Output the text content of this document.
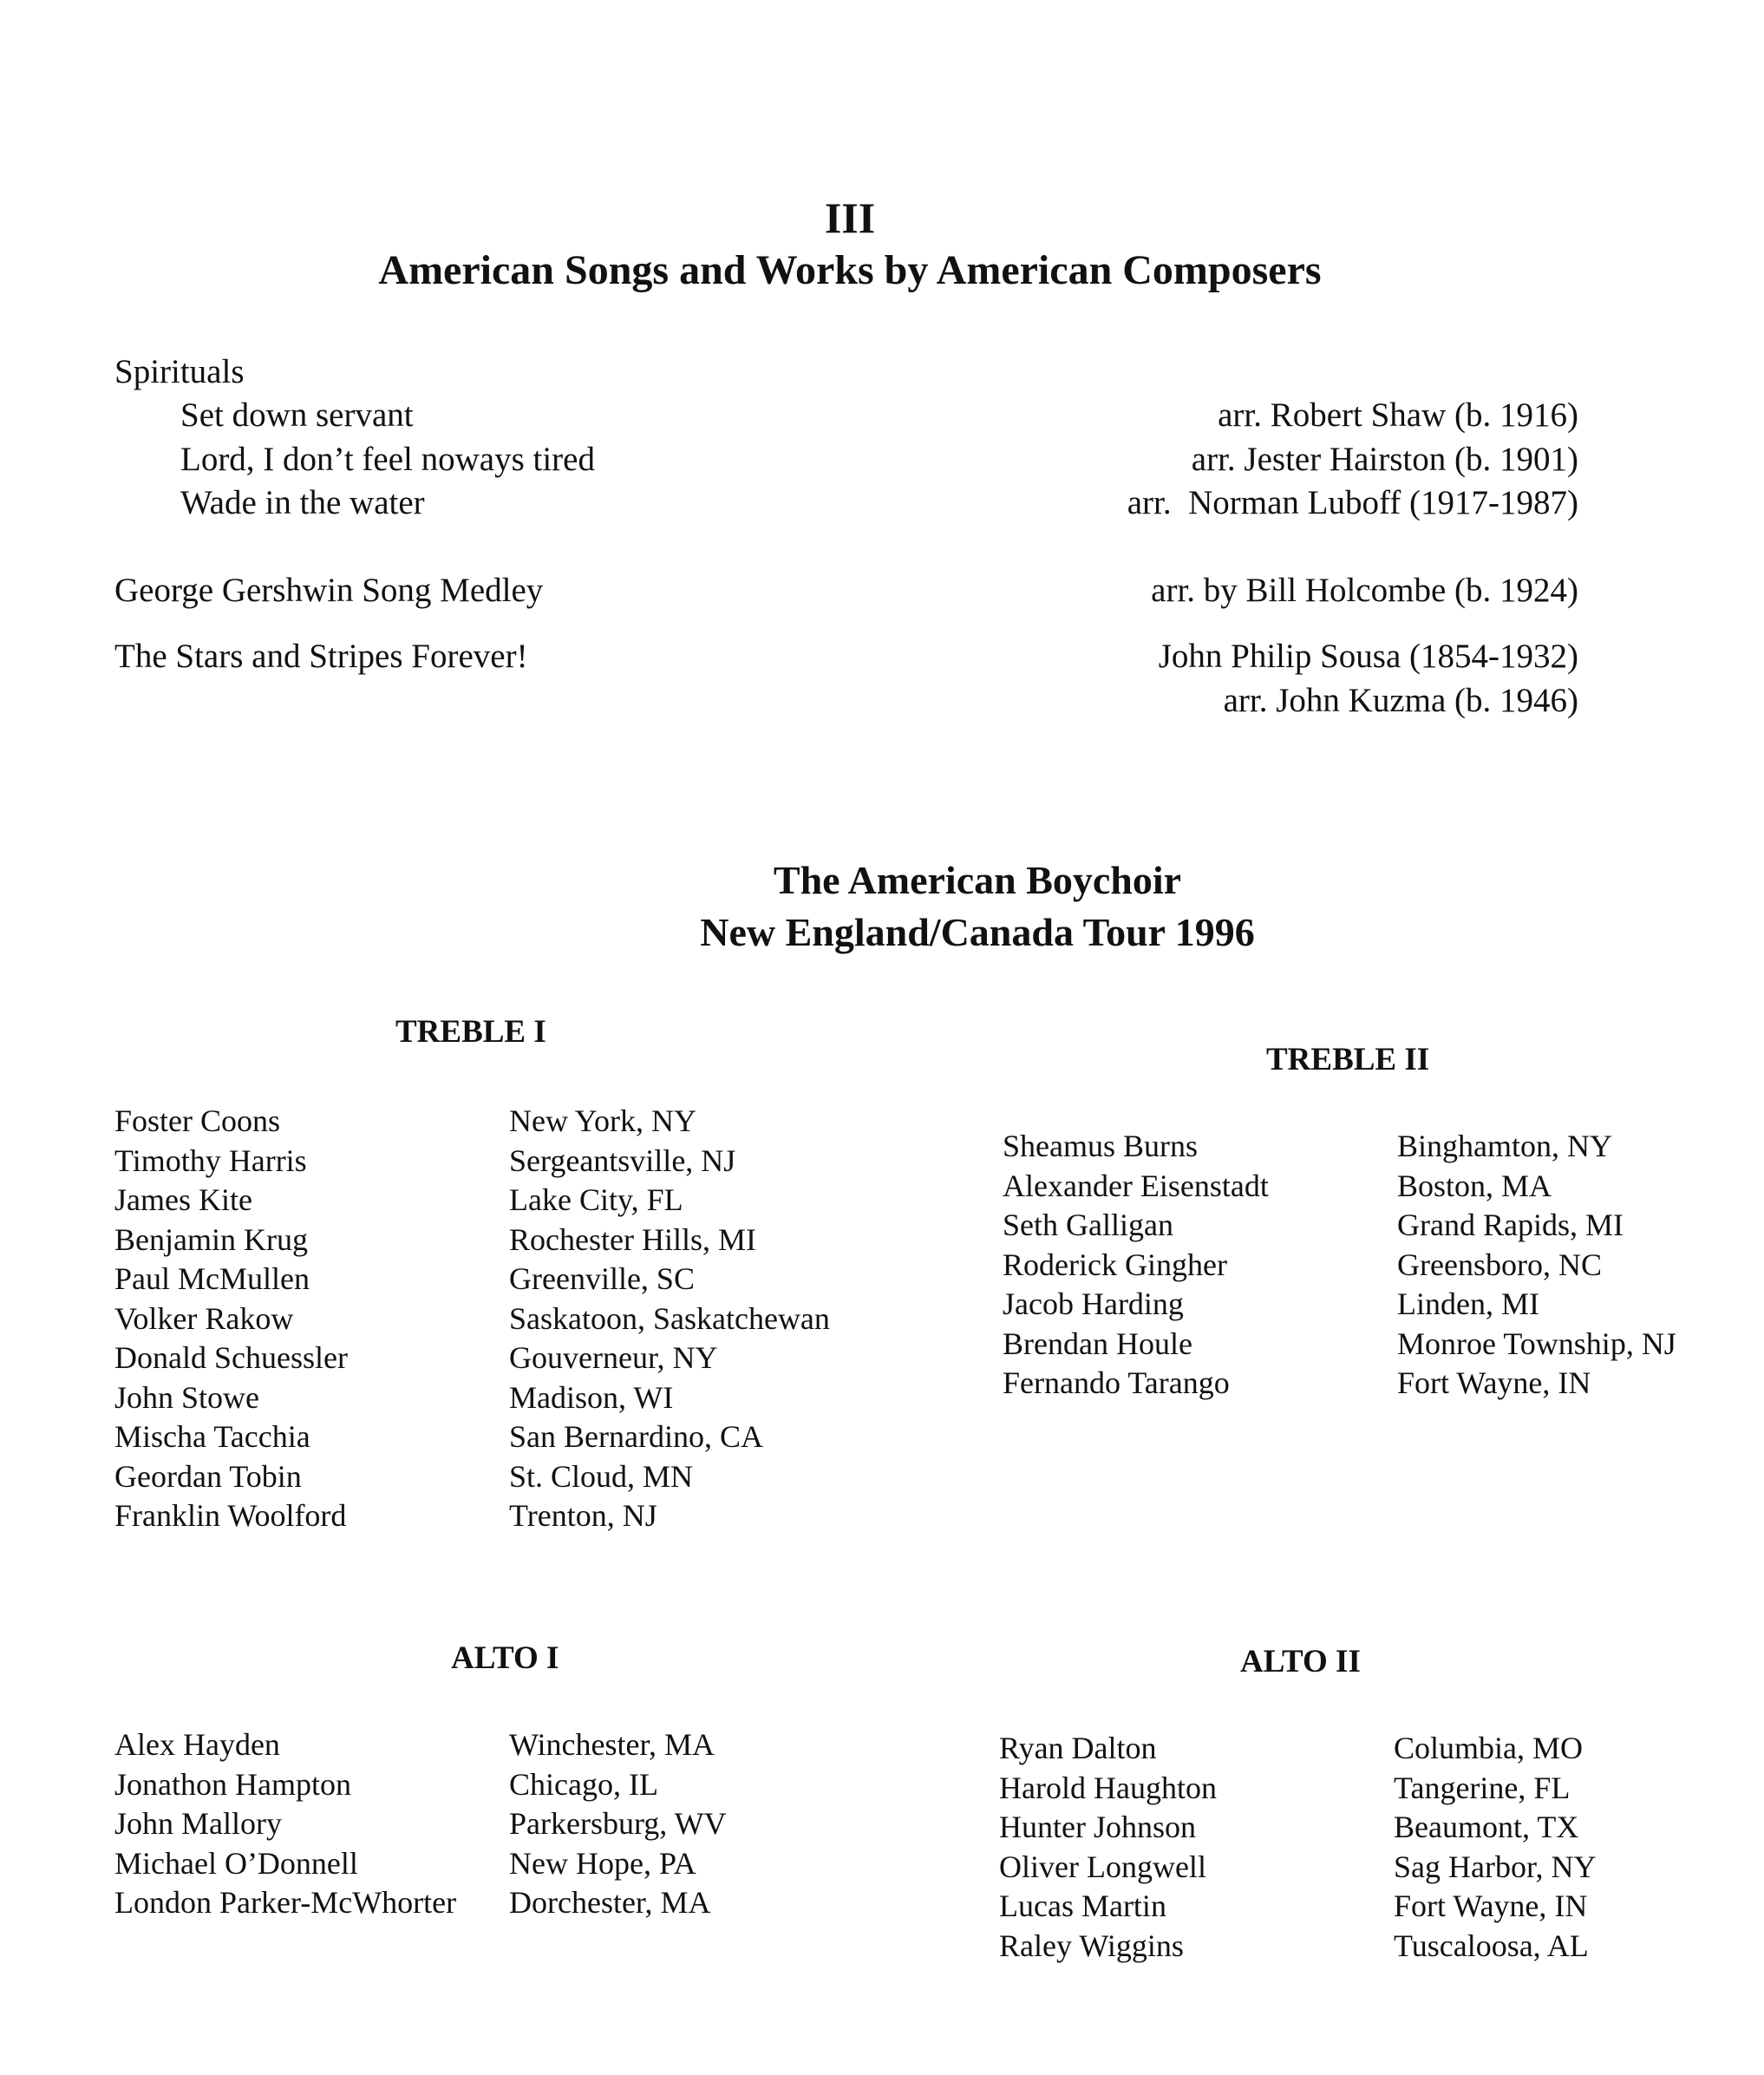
III
American Songs and Works by American Composers
Spirituals
Set down servant	arr. Robert Shaw (b. 1916)
Lord, I don’t feel noways tired	arr. Jester Hairston (b. 1901)
Wade in the water	arr.  Norman Luboff (1917-1987)
George Gershwin Song Medley	arr. by Bill Holcombe (b. 1924)
The Stars and Stripes Forever!	John Philip Sousa (1854-1932)
arr. John Kuzma (b. 1946)
The American Boychoir
New England/Canada Tour 1996
TREBLE I
TREBLE II
ALTO I	ALTO II
Foster Coons	New York, NY
Timothy Harris	Sergeantsville, NJ
James Kite	Lake City, FL
Benjamin Krug	Rochester Hills, MI
Paul McMullen	Greenville, SC
Volker Rakow	Saskatoon, Saskatchewan
Donald Schuessler	Gouverneur, NY
John Stowe	Madison, WI
Mischa Tacchia	San Bernardino, CA
Geordan Tobin	St. Cloud, MN
Franklin Woolford	Trenton, NJ
Sheamus Burns	Binghamton, NY
Alexander Eisenstadt	Boston, MA
Seth Galligan	Grand Rapids, MI
Roderick Gingher	Greensboro, NC
Jacob Harding	Linden, MI
Brendan Houle	Monroe Township, NJ
Fernando Tarango	Fort Wayne, IN
Alex Hayden	Winchester, MA
Jonathon Hampton	Chicago, IL
John Mallory	Parkersburg, WV
Michael O’Donnell	New Hope, PA
London Parker-McWhorter Dorchester, MA
Ryan Dalton	Columbia, MO
Harold Haughton	Tangerine, FL
Hunter Johnson	Beaumont, TX
Oliver Longwell	Sag Harbor, NY
Lucas Martin	Fort Wayne, IN
Raley Wiggins	Tuscaloosa, AL
